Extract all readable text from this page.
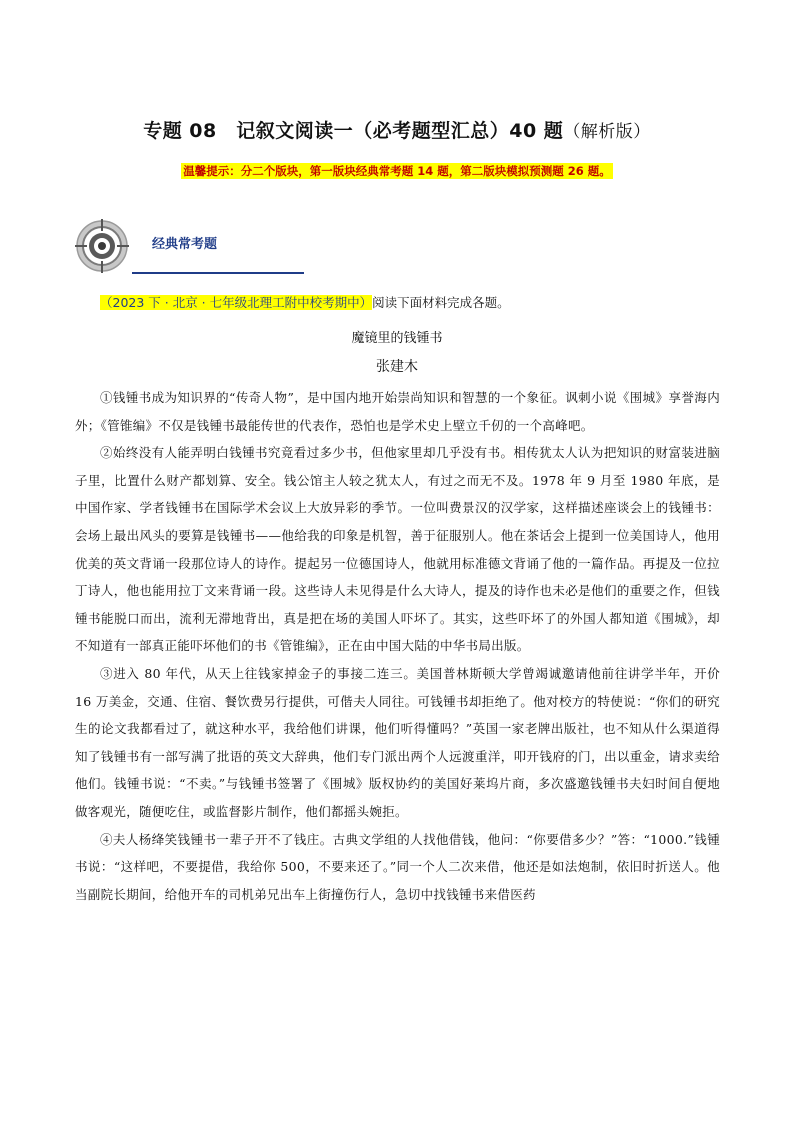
专题 08　记叙文阅读一（必考题型汇总）40 题（解析版）
温馨提示：分二个版块，第一版块经典常考题 14 题，第二版块模拟预测题 26 题。
经典常考题
（2023 下 · 北京 · 七年级北理工附中校考期中）阅读下面材料完成各题。
魔镜里的钱锺书
张建木

①钱锺书成为知识界的“传奇人物”，是中国内地开始崇尚知识和智慧的一个象征。讽刺小说《围城》享誉海内外；《管锥编》不仅是钱锺书最能传世的代表作，恐怕也是学术史上壁立千仞的一个高峰吧。

②始终没有人能弄明白钱锺书究竟看过多少书，但他家里却几乎没有书。相传犹太人认为把知识的财富装进脑子里，比置什么财产都划算、安全。钱公馆主人较之犹太人，有过之而无不及。1978 年 9 月至 1980 年底，是中国作家、学者钱锺书在国际学术会议上大放异彩的季节。一位叫费景汉的汉学家，这样描述座谈会上的钱锺书：会场上最出风头的要算是钱锺书——他给我的印象是机智，善于征服别人。他在茶话会上提到一位美国诗人，他用优美的英文背诵一段那位诗人的诗作。提起另一位德国诗人，他就用标准德文背诵了他的一篇作品。再提及一位拉丁诗人，他也能用拉丁文来背诵一段。这些诗人未见得是什么大诗人，提及的诗作也未必是他们的重要之作，但钱锺书能脱口而出，流利无滞地背出，真是把在场的美国人吓坏了。其实，这些吓坏了的外国人都知道《围城》，却不知道有一部真正能吓坏他们的书《管锥编》，正在由中国大陆的中华书局出版。

③进入 80 年代，从天上往钱家掉金子的事接二连三。美国普林斯顿大学曾竭诚邀请他前往讲学半年，开价 16 万美金，交通、住宿、餐饮费另行提供，可偕夫人同往。可钱锺书却拒绝了。他对校方的特使说：“你们的研究生的论文我都看过了，就这种水平，我给他们讲课，他们听得懂吗？”英国一家老牌出版社，也不知从什么渠道得知了钱锺书有一部写满了批语的英文大辞典，他们专门派出两个人远渡重洋，叩开钱府的门，出以重金，请求卖给他们。钱锺书说：“不卖。”与钱锺书签署了《围城》版权协约的美国好莱坞片商，多次盛邀钱锺书夫妇时间自便地做客观光，随便吃住，或监督影片制作，他们都摇头婉拒。

④夫人杨绛笑钱锺书一辈子开不了钱庄。古典文学组的人找他借钱，他问：“你要借多少？”答：“1000.”钱锺书说：“这样吧，不要提借，我给你 500，不要来还了。”同一个人二次来借，他还是如法炮制，依旧时折送人。他当副院长期间，给他开车的司机弟兄出车上街撞伤行人，急切中找钱锺书来借医药
